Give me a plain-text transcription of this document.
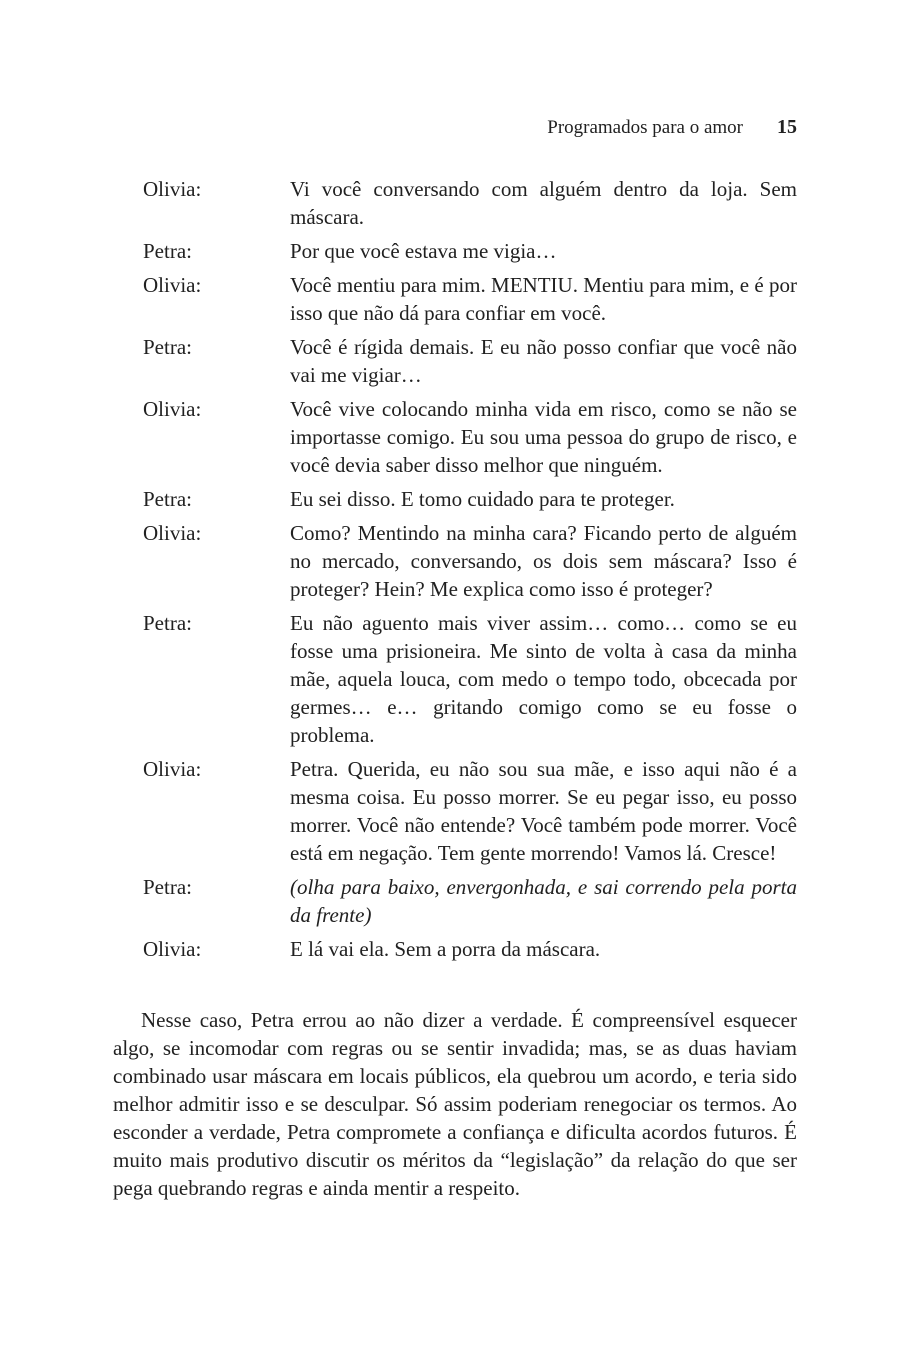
Programados para o amor 15
Olivia:	Vi você conversando com alguém dentro da loja. Sem máscara.
Petra:	Por que você estava me vigia…
Olivia:	Você mentiu para mim. MENTIU. Mentiu para mim, e é por isso que não dá para confiar em você.
Petra:	Você é rígida demais. E eu não posso confiar que você não vai me vigiar…
Olivia:	Você vive colocando minha vida em risco, como se não se importasse comigo. Eu sou uma pessoa do grupo de risco, e você devia saber disso melhor que ninguém.
Petra:	Eu sei disso. E tomo cuidado para te proteger.
Olivia:	Como? Mentindo na minha cara? Ficando perto de alguém no mercado, conversando, os dois sem máscara? Isso é proteger? Hein? Me explica como isso é proteger?
Petra:	Eu não aguento mais viver assim… como… como se eu fosse uma prisioneira. Me sinto de volta à casa da minha mãe, aquela louca, com medo o tempo todo, obcecada por germes… e… gritando comigo como se eu fosse o problema.
Olivia:	Petra. Querida, eu não sou sua mãe, e isso aqui não é a mesma coisa. Eu posso morrer. Se eu pegar isso, eu posso morrer. Você não entende? Você também pode morrer. Você está em negação. Tem gente morrendo! Vamos lá. Cresce!
Petra:	(olha para baixo, envergonhada, e sai correndo pela porta da frente)
Olivia:	E lá vai ela. Sem a porra da máscara.

Nesse caso, Petra errou ao não dizer a verdade. É compreensível esquecer algo, se incomodar com regras ou se sentir invadida; mas, se as duas haviam combinado usar máscara em locais públicos, ela quebrou um acordo, e teria sido melhor admitir isso e se desculpar. Só assim poderiam renegociar os termos. Ao esconder a verdade, Petra compromete a confiança e dificulta acordos futuros. É muito mais produtivo discutir os méritos da “legislação” da relação do que ser pega quebrando regras e ainda mentir a respeito.
